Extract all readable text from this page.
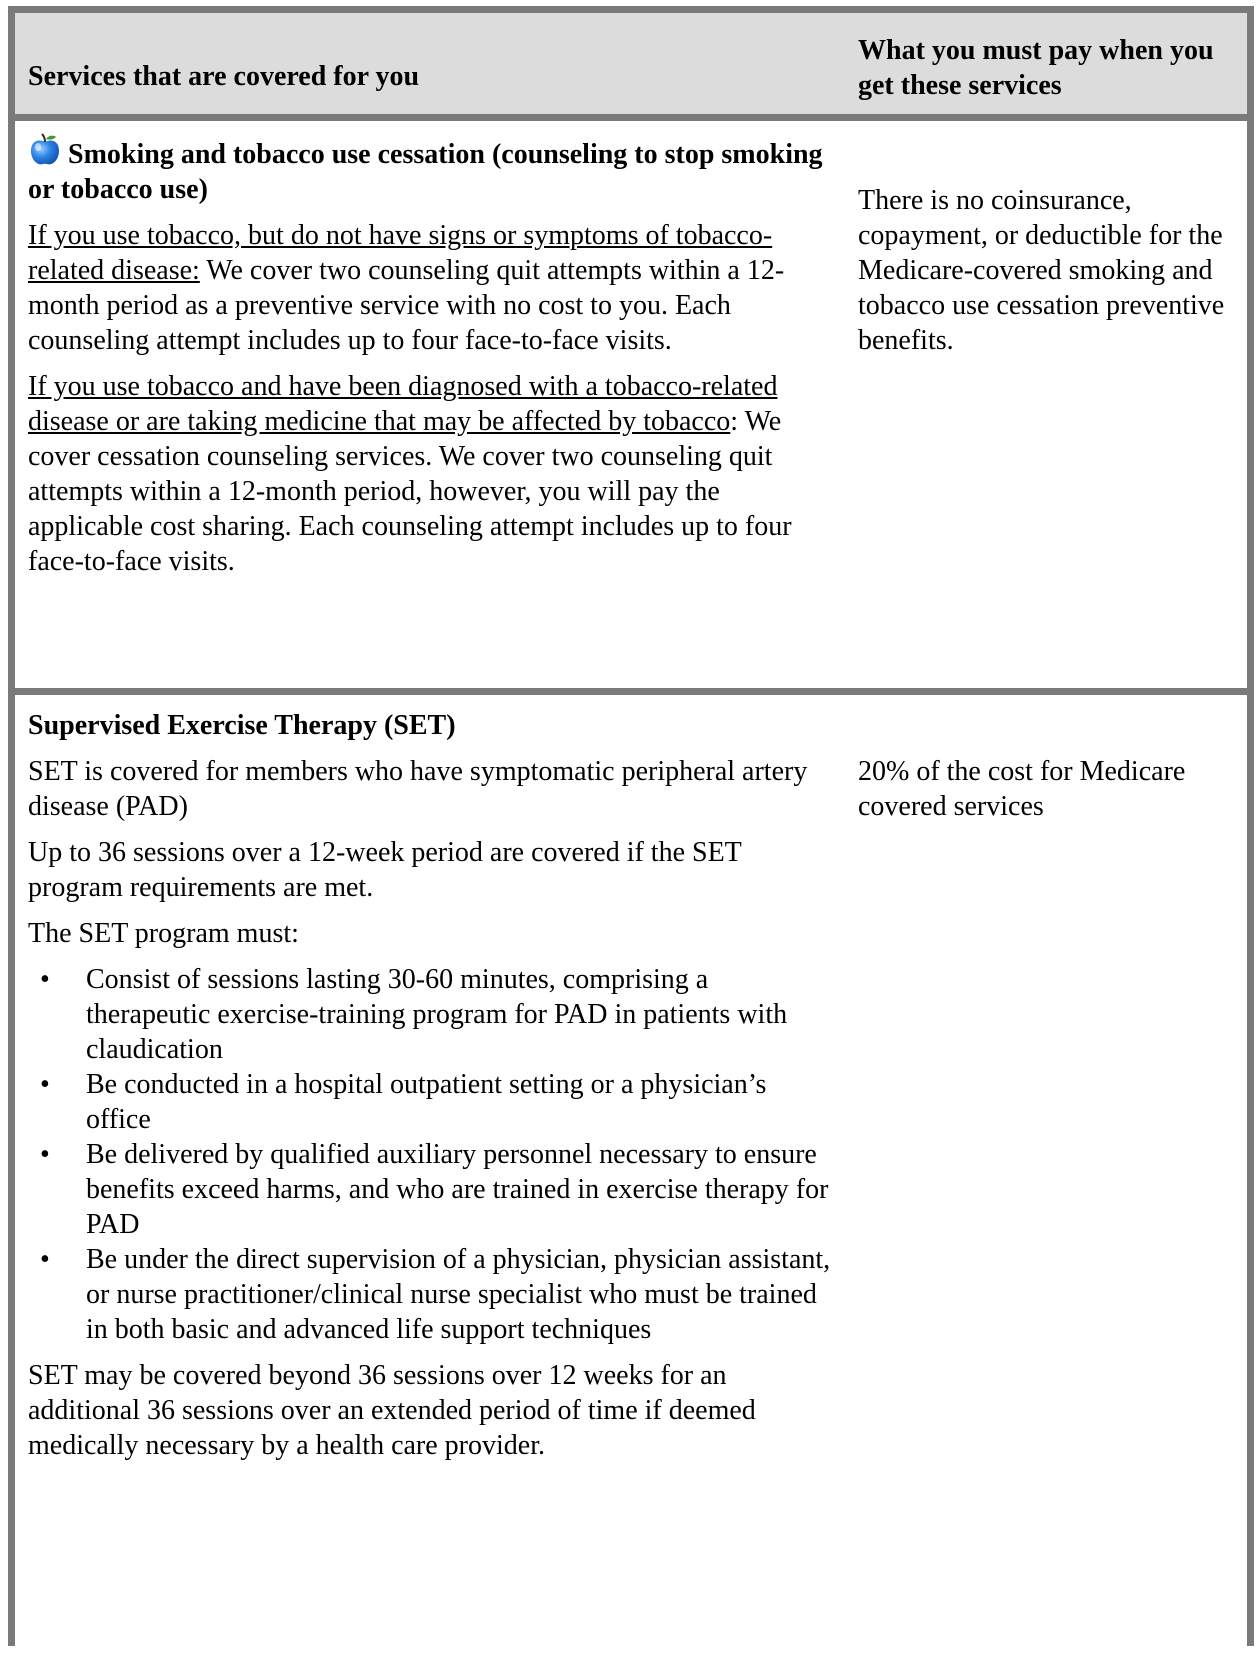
Services that are covered for you
What you must pay when you get these services

Smoking and tobacco use cessation (counseling to stop smoking or tobacco use)

If you use tobacco, but do not have signs or symptoms of tobacco-related disease: We cover two counseling quit attempts within a 12-month period as a preventive service with no cost to you. Each counseling attempt includes up to four face-to-face visits.

If you use tobacco and have been diagnosed with a tobacco-related disease or are taking medicine that may be affected by tobacco: We cover cessation counseling services. We cover two counseling quit attempts within a 12-month period, however, you will pay the applicable cost sharing. Each counseling attempt includes up to four face-to-face visits.

There is no coinsurance, copayment, or deductible for the Medicare-covered smoking and tobacco use cessation preventive benefits.

Supervised Exercise Therapy (SET)

SET is covered for members who have symptomatic peripheral artery disease (PAD)

Up to 36 sessions over a 12-week period are covered if the SET program requirements are met.

The SET program must:

• Consist of sessions lasting 30-60 minutes, comprising a therapeutic exercise-training program for PAD in patients with claudication
• Be conducted in a hospital outpatient setting or a physician’s office
• Be delivered by qualified auxiliary personnel necessary to ensure benefits exceed harms, and who are trained in exercise therapy for PAD
• Be under the direct supervision of a physician, physician assistant, or nurse practitioner/clinical nurse specialist who must be trained in both basic and advanced life support techniques

SET may be covered beyond 36 sessions over 12 weeks for an additional 36 sessions over an extended period of time if deemed medically necessary by a health care provider.

20% of the cost for Medicare covered services
